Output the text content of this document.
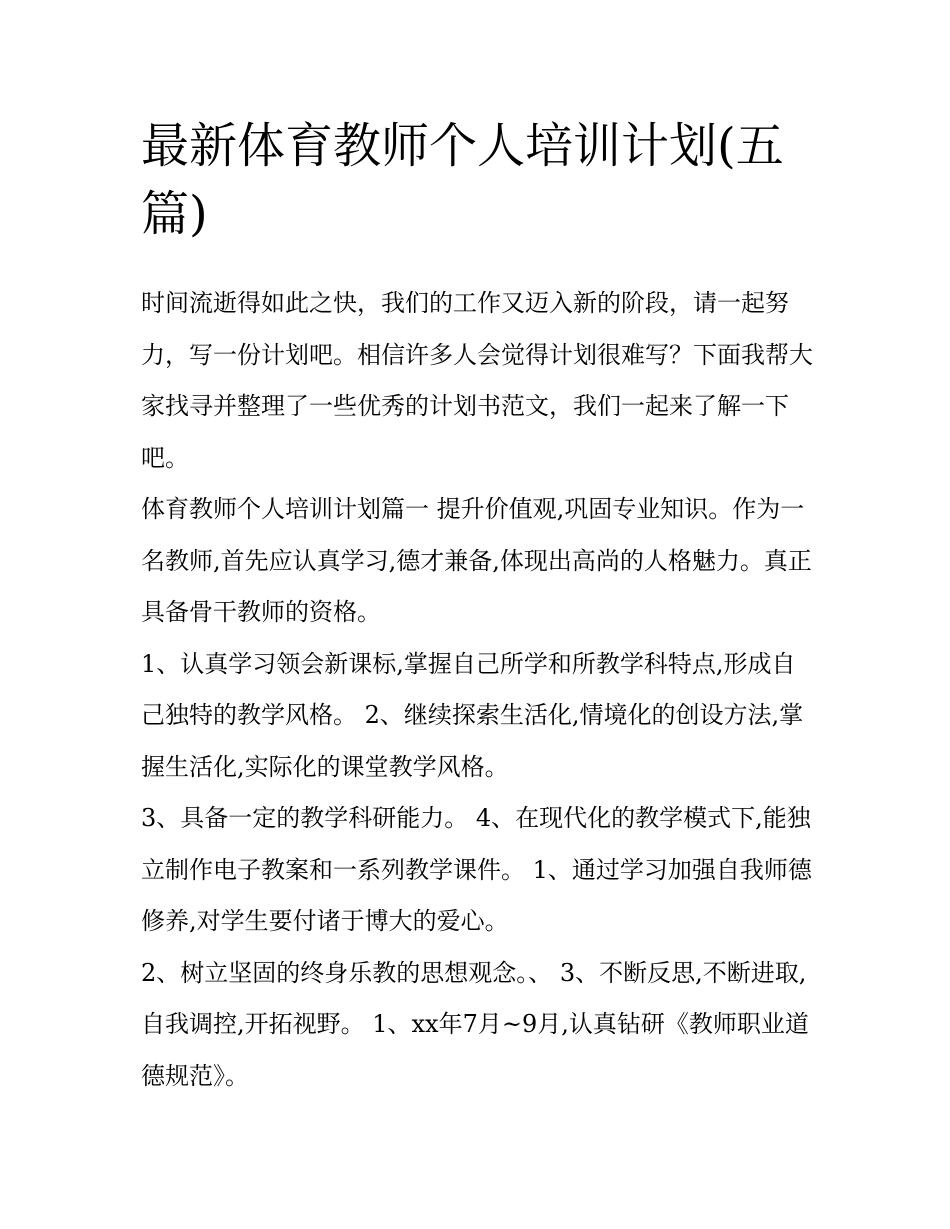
最新体育教师个人培训计划(五篇)

时间流逝得如此之快，我们的工作又迈入新的阶段，请一起努力，写一份计划吧。相信许多人会觉得计划很难写？下面我帮大家找寻并整理了一些优秀的计划书范文，我们一起来了解一下吧。

体育教师个人培训计划篇一 提升价值观,巩固专业知识。作为一名教师,首先应认真学习,德才兼备,体现出高尚的人格魅力。真正具备骨干教师的资格。

1、认真学习领会新课标,掌握自己所学和所教学科特点,形成自己独特的教学风格。 2、继续探索生活化,情境化的创设方法,掌握生活化,实际化的课堂教学风格。

3、具备一定的教学科研能力。 4、在现代化的教学模式下,能独立制作电子教案和一系列教学课件。 1、通过学习加强自我师德修养,对学生要付诸于博大的爱心。

2、树立坚固的终身乐教的思想观念。、 3、不断反思,不断进取,自我调控,开拓视野。 1、xx年7月~9月,认真钻研《教师职业道德规范》。
